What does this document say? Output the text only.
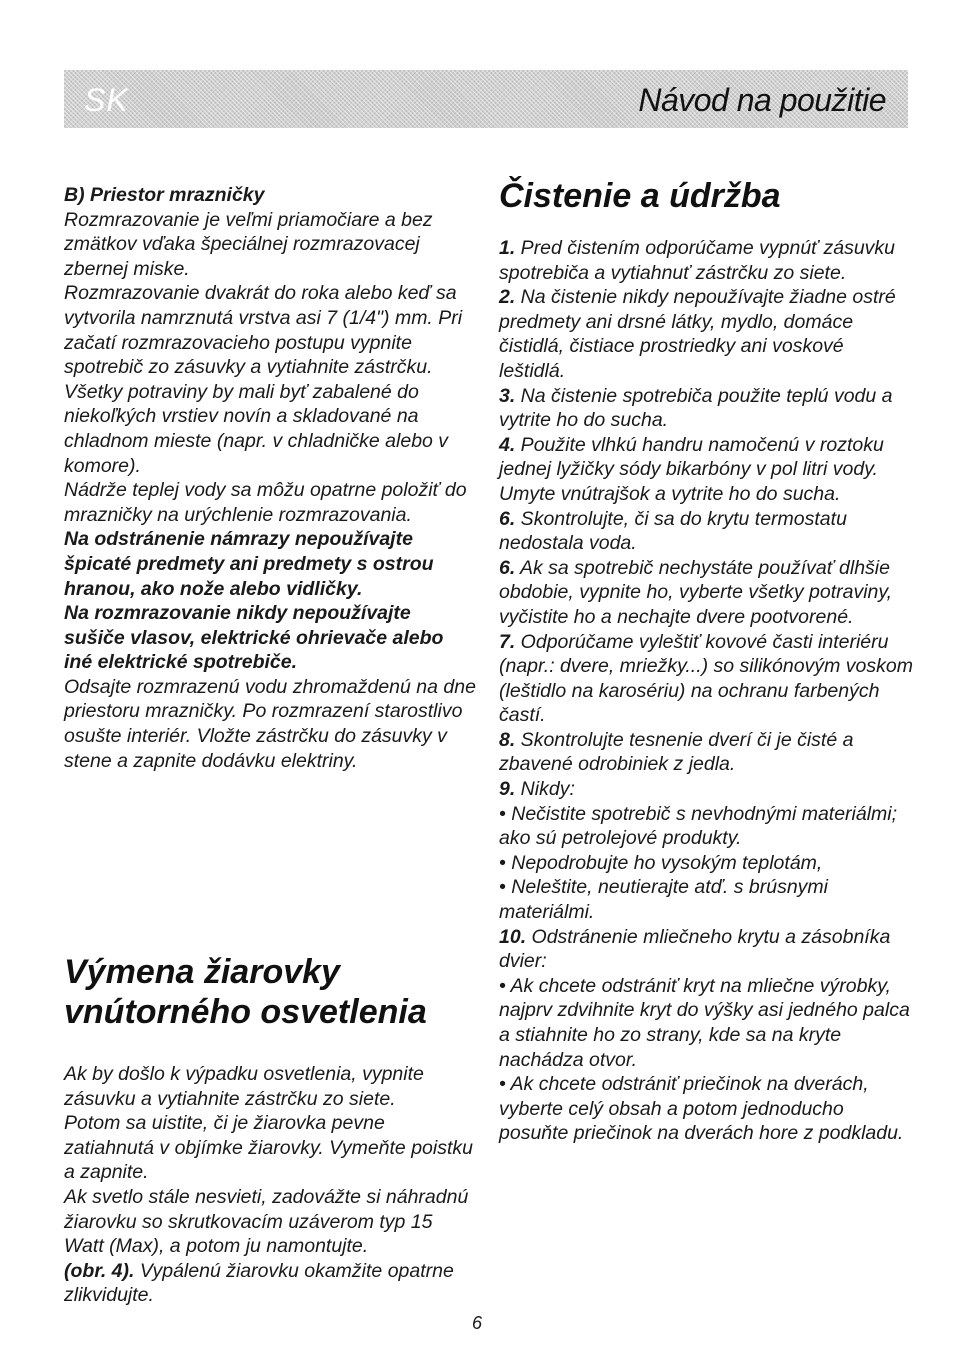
SK	Návod na použitie

B) Priestor mrazničky

Rozmrazovanie je veľmi priamočiare a bez zmätkov vďaka špeciálnej rozmrazovacej zbernej miske.

Rozmrazovanie dvakrát do roka alebo keď sa vytvorila namrznutá vrstva asi 7 (1/4") mm. Pri začatí rozmrazovacieho postupu vypnite spotrebič zo zásuvky a vytiahnite zástrčku.

Všetky potraviny by mali byť zabalené do niekoľkých vrstiev novín a skladované na chladnom mieste (napr. v chladničke alebo v komore).

Nádrže teplej vody sa môžu opatrne položiť do mrazničky na urýchlenie rozmrazovania.

Na odstránenie námrazy nepoužívajte špicaté predmety ani predmety s ostrou hranou, ako nože alebo vidličky.

Na rozmrazovanie nikdy nepoužívajte sušiče vlasov, elektrické ohrievače alebo iné elektrické spotrebiče.

Odsajte rozmrazenú vodu zhromaždenú na dne priestoru mrazničky. Po rozmrazení starostlivo osušte interiér. Vložte zástrčku do zásuvky v stene a zapnite dodávku elektriny.

Výmena žiarovky vnútorného osvetlenia

Ak by došlo k výpadku osvetlenia, vypnite zásuvku a vytiahnite zástrčku zo siete.

Potom sa uistite, či je žiarovka pevne zatiahnutá v objímke žiarovky. Vymeňte poistku a zapnite.

Ak svetlo stále nesvieti, zadovážte si náhradnú žiarovku so skrutkovacím uzáverom typ 15 Watt (Max), a potom ju namontujte.

(obr. 4). Vypálenú žiarovku okamžite opatrne zlikvidujte.

Čistenie a údržba

1. Pred čistením odporúčame vypnúť zásuvku spotrebiča a vytiahnuť zástrčku zo siete.

2. Na čistenie nikdy nepoužívajte žiadne ostré predmety ani drsné látky, mydlo, domáce čistidlá, čistiace prostriedky ani voskové leštidlá.

3. Na čistenie spotrebiča použite teplú vodu a vytrite ho do sucha.

4. Použite vlhkú handru namočenú v roztoku jednej lyžičky sódy bikarbóny v pol litri vody. Umyte vnútrajšok a vytrite ho do sucha.

6. Skontrolujte, či sa do krytu termostatu nedostala voda.

6. Ak sa spotrebič nechystáte používať dlhšie obdobie, vypnite ho, vyberte všetky potraviny, vyčistite ho a nechajte dvere pootvorené.

7. Odporúčame vyleštiť kovové časti interiéru (napr.: dvere, mriežky...) so silikónovým voskom (leštidlo na karosériu) na ochranu farbených častí.

8. Skontrolujte tesnenie dverí či je čisté a zbavené odrobiniek z jedla.

9. Nikdy:

• Nečistite spotrebič s nevhodnými materiálmi; ako sú petrolejové produkty.

• Nepodrobujte ho vysokým teplotám,

• Neleštite, neutierajte atď. s brúsnymi materiálmi.

10. Odstránenie mliečneho krytu a zásobníka dvier:

• Ak chcete odstrániť kryt na mliečne výrobky, najprv zdvihnite kryt do výšky asi jedného palca a stiahnite ho zo strany, kde sa na kryte nachádza otvor.

• Ak chcete odstrániť priečinok na dverách, vyberte celý obsah a potom jednoducho posuňte priečinok na dverách hore z podkladu.

6
